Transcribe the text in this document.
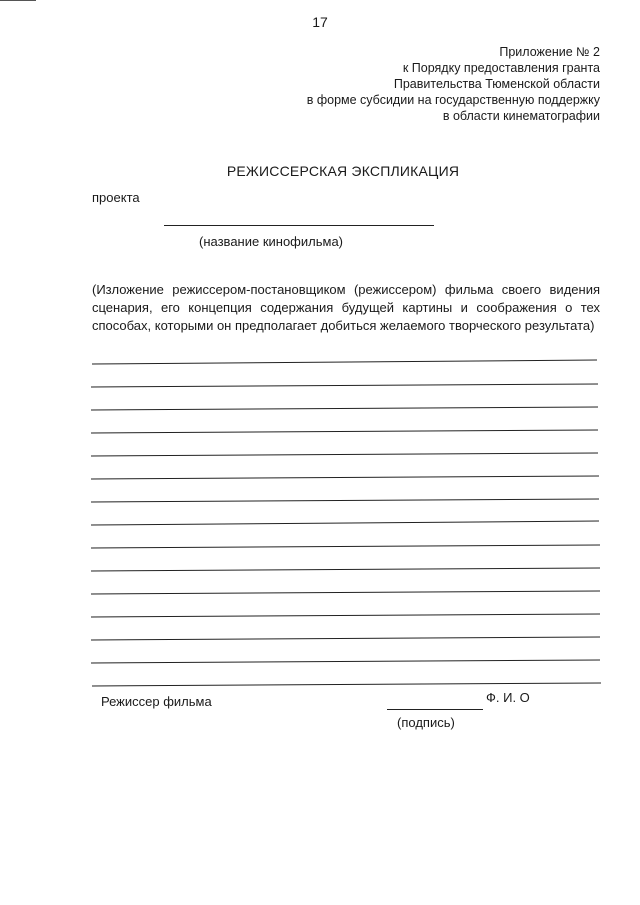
17
Приложение № 2
к Порядку предоставления гранта
Правительства Тюменской области
в форме субсидии на государственную поддержку
в области кинематографии
РЕЖИССЕРСКАЯ ЭКСПЛИКАЦИЯ
проекта
(название кинофильма)
(Изложение режиссером-постановщиком (режиссером) фильма своего видения сценария, его концепция содержания будущей картины и соображения о тех способах, которыми он предполагает добиться желаемого творческого результата)
Режиссер фильма	Ф. И. О
(подпись)
